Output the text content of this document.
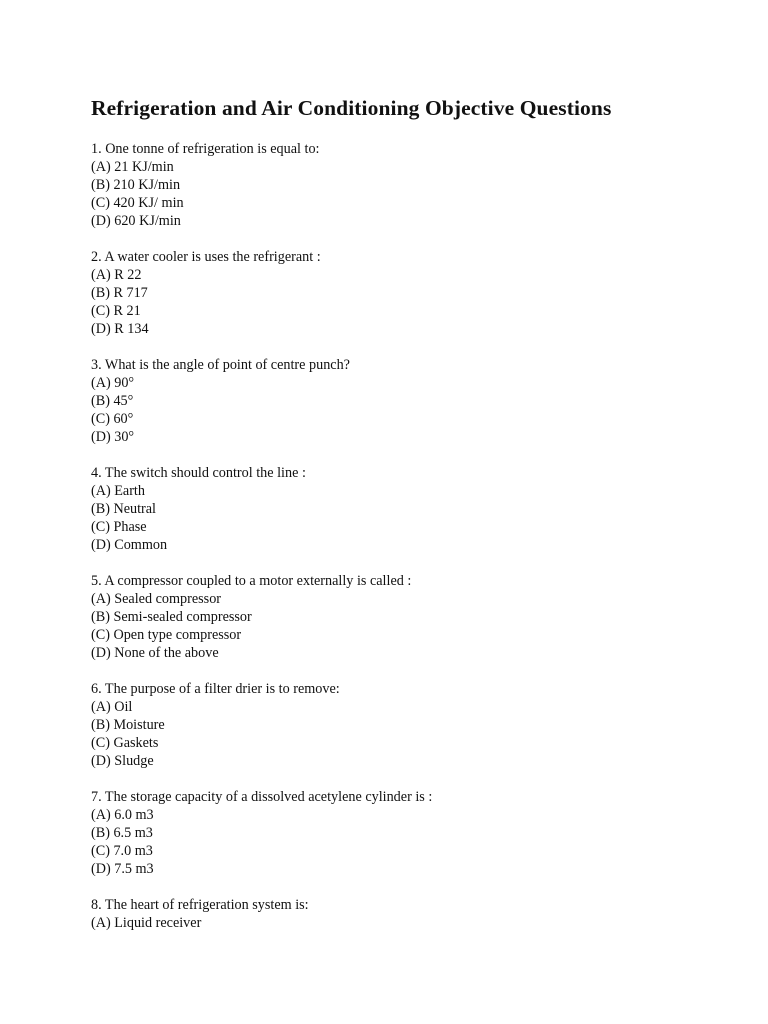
Refrigeration and Air Conditioning Objective Questions
1. One tonne of refrigeration is equal to:
(A) 21 KJ/min
(B) 210 KJ/min
(C) 420 KJ/ min
(D) 620 KJ/min
2. A water cooler is uses the refrigerant :
(A) R 22
(B) R 717
(C) R 21
(D) R 134
3. What is the angle of point of centre punch?
(A) 90°
(B) 45°
(C) 60°
(D) 30°
4. The switch should control the line :
(A) Earth
(B) Neutral
(C) Phase
(D) Common
5. A compressor coupled to a motor externally is called :
(A) Sealed compressor
(B) Semi-sealed compressor
(C) Open type compressor
(D) None of the above
6. The purpose of a filter drier is to remove:
(A) Oil
(B) Moisture
(C) Gaskets
(D) Sludge
7. The storage capacity of a dissolved acetylene cylinder is :
(A) 6.0 m3
(B) 6.5 m3
(C) 7.0 m3
(D) 7.5 m3
8. The heart of refrigeration system is:
(A) Liquid receiver
